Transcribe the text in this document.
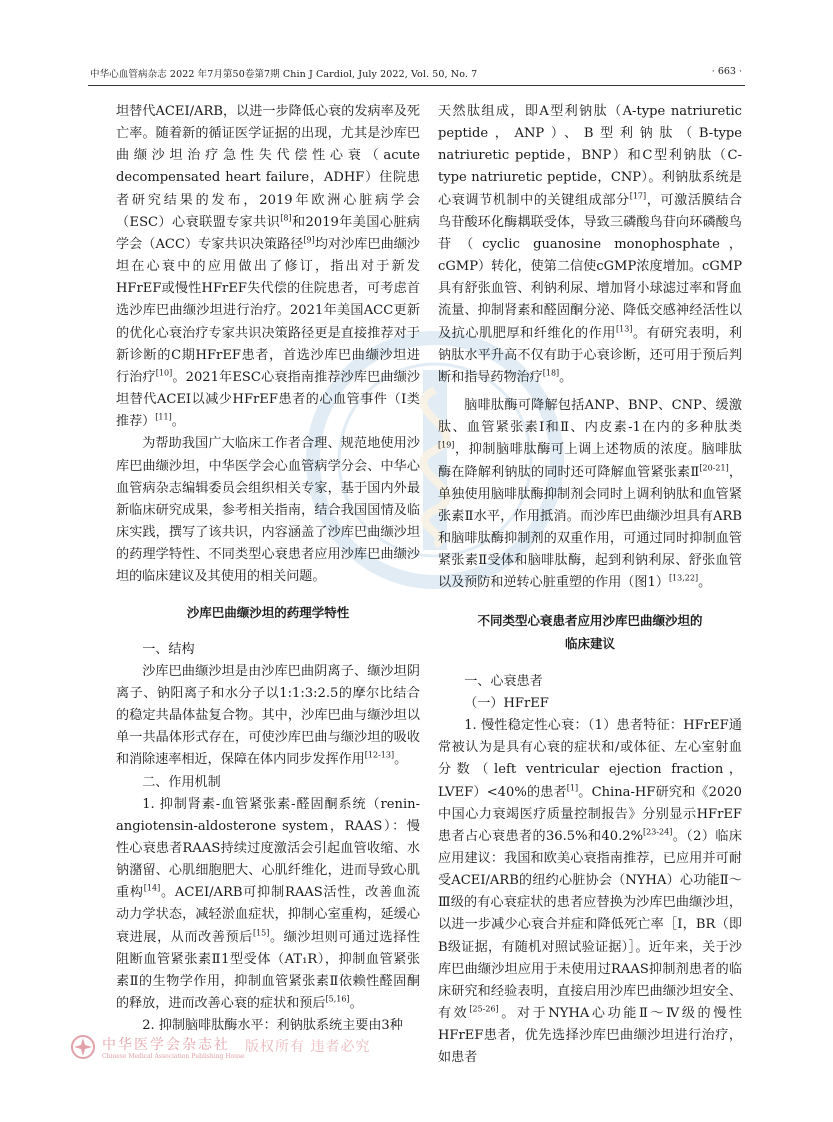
中华心血管病杂志 2022 年7月第50卷第7期 Chin J Cardiol, July 2022, Vol. 50, No. 7	· 663 ·

坦替代ACEI/ARB，以进一步降低心衰的发病率及死亡率。随着新的循证医学证据的出现，尤其是沙库巴曲缬沙坦治疗急性失代偿性心衰（acute decompensated heart failure，ADHF）住院患者研究结果的发布，2019年欧洲心脏病学会（ESC）心衰联盟专家共识[8]和2019年美国心脏病学会（ACC）专家共识决策路径[9]均对沙库巴曲缬沙坦在心衰中的应用做出了修订，指出对于新发HFrEF或慢性HFrEF失代偿的住院患者，可考虑首选沙库巴曲缬沙坦进行治疗。2021年美国ACC更新的优化心衰治疗专家共识决策路径更是直接推荐对于新诊断的C期HFrEF患者，首选沙库巴曲缬沙坦进行治疗[10]。2021年ESC心衰指南推荐沙库巴曲缬沙坦替代ACEI以减少HFrEF患者的心血管事件（Ⅰ类推荐）[11]。

为帮助我国广大临床工作者合理、规范地使用沙库巴曲缬沙坦，中华医学会心血管病学分会、中华心血管病杂志编辑委员会组织相关专家，基于国内外最新临床研究成果，参考相关指南，结合我国国情及临床实践，撰写了该共识，内容涵盖了沙库巴曲缬沙坦的药理学特性、不同类型心衰患者应用沙库巴曲缬沙坦的临床建议及其使用的相关问题。

沙库巴曲缬沙坦的药理学特性

一、结构

沙库巴曲缬沙坦是由沙库巴曲阴离子、缬沙坦阴离子、钠阳离子和水分子以1:1:3:2.5的摩尔比结合的稳定共晶体盐复合物。其中，沙库巴曲与缬沙坦以单一共晶体形式存在，可使沙库巴曲与缬沙坦的吸收和消除速率相近，保障在体内同步发挥作用[12-13]。

二、作用机制

1. 抑制肾素-血管紧张素-醛固酮系统（renin-angiotensin-aldosterone system，RAAS）：慢性心衰患者RAAS持续过度激活会引起血管收缩、水钠潴留、心肌细胞肥大、心肌纤维化，进而导致心肌重构[14]。ACEI/ARB可抑制RAAS活性，改善血流动力学状态，减轻淤血症状，抑制心室重构，延缓心衰进展，从而改善预后[15]。缬沙坦则可通过选择性阻断血管紧张素Ⅱ1型受体（AT₁R），抑制血管紧张素Ⅱ的生物学作用，抑制血管紧张素Ⅱ依赖性醛固酮的释放，进而改善心衰的症状和预后[5,16]。

2. 抑制脑啡肽酶水平：利钠肽系统主要由3种

天然肽组成，即A型利钠肽（A-type natriuretic peptide，ANP）、B型利钠肽（B-type natriuretic peptide，BNP）和C型利钠肽（C-type natriuretic peptide，CNP）。利钠肽系统是心衰调节机制中的关键组成部分[17]，可激活膜结合鸟苷酸环化酶耦联受体，导致三磷酸鸟苷向环磷酸鸟苷（cyclic guanosine monophosphate，cGMP）转化，使第二信使cGMP浓度增加。cGMP具有舒张血管、利钠利尿、增加肾小球滤过率和肾血流量、抑制肾素和醛固酮分泌、降低交感神经活性以及抗心肌肥厚和纤维化的作用[13]。有研究表明，利钠肽水平升高不仅有助于心衰诊断，还可用于预后判断和指导药物治疗[18]。

脑啡肽酶可降解包括ANP、BNP、CNP、缓激肽、血管紧张素Ⅰ和Ⅱ、内皮素-1在内的多种肽类[19]，抑制脑啡肽酶可上调上述物质的浓度。脑啡肽酶在降解利钠肽的同时还可降解血管紧张素Ⅱ[20-21]，单独使用脑啡肽酶抑制剂会同时上调利钠肽和血管紧张素Ⅱ水平，作用抵消。而沙库巴曲缬沙坦具有ARB和脑啡肽酶抑制剂的双重作用，可通过同时抑制血管紧张素Ⅱ受体和脑啡肽酶，起到利钠利尿、舒张血管以及预防和逆转心脏重塑的作用（图1）[13,22]。

不同类型心衰患者应用沙库巴曲缬沙坦的

临床建议

一、心衰患者

（一）HFrEF

1. 慢性稳定性心衰：（1）患者特征：HFrEF通常被认为是具有心衰的症状和/或体征、左心室射血分数（left ventricular ejection fraction，LVEF）<40%的患者[1]。China-HF研究和《2020中国心力衰竭医疗质量控制报告》分别显示HFrEF患者占心衰患者的36.5%和40.2%[23-24]。（2）临床应用建议：我国和欧美心衰指南推荐，已应用并可耐受ACEI/ARB的纽约心脏协会（NYHA）心功能Ⅱ～Ⅲ级的有心衰症状的患者应替换为沙库巴曲缬沙坦，以进一步减少心衰合并症和降低死亡率［Ⅰ，BR（即B级证据，有随机对照试验证据）］。近年来，关于沙库巴曲缬沙坦应用于未使用过RAAS抑制剂患者的临床研究和经验表明，直接启用沙库巴曲缬沙坦安全、有效[25-26]。对于NYHA心功能Ⅱ～Ⅳ级的慢性HFrEF患者，优先选择沙库巴曲缬沙坦进行治疗，如患者

中华医学会杂志社
Chinese Medical Association Publishing House
版权所有 违者必究
